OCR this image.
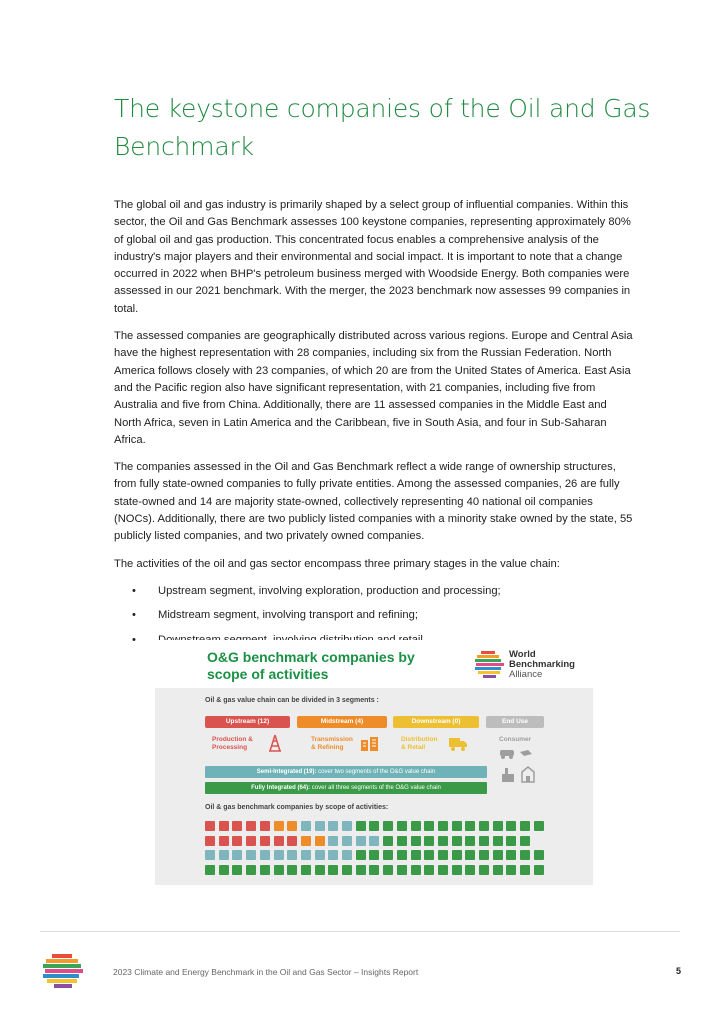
The keystone companies of the Oil and Gas Benchmark

The global oil and gas industry is primarily shaped by a select group of influential companies. Within this sector, the Oil and Gas Benchmark assesses 100 keystone companies, representing approximately 80% of global oil and gas production. This concentrated focus enables a comprehensive analysis of the industry's major players and their environmental and social impact. It is important to note that a change occurred in 2022 when BHP's petroleum business merged with Woodside Energy. Both companies were assessed in our 2021 benchmark. With the merger, the 2023 benchmark now assesses 99 companies in total.

The assessed companies are geographically distributed across various regions. Europe and Central Asia have the highest representation with 28 companies, including six from the Russian Federation. North America follows closely with 23 companies, of which 20 are from the United States of America. East Asia and the Pacific region also have significant representation, with 21 companies, including five from Australia and five from China. Additionally, there are 11 assessed companies in the Middle East and North Africa, seven in Latin America and the Caribbean, five in South Asia, and four in Sub-Saharan Africa.

The companies assessed in the Oil and Gas Benchmark reflect a wide range of ownership structures, from fully state-owned companies to fully private entities. Among the assessed companies, 26 are fully state-owned and 14 are majority state-owned, collectively representing 40 national oil companies (NOCs). Additionally, there are two publicly listed companies with a minority stake owned by the state, 55 publicly listed companies, and two privately owned companies.

The activities of the oil and gas sector encompass three primary stages in the value chain:

• Upstream segment, involving exploration, production and processing;
• Midstream segment, involving transport and refining;
•
O&G benchmark companies by scope of activities
World
Benchmarking
Alliance
Oil & gas value chain can be divided in 3 segments :
Upstream (12)	Midstream (4)	Downstream (0)	End Use
Production &
Processing
Transmission
& Refining
Distribution
& Retail
Consumer
Semi-Integrated (19): cover two segments of the O&G value chain
Fully Integrated (64): cover all three segments of the O&G value chain
Oil & gas benchmark companies by scope of activities:
2023 Climate and Energy Benchmark in the Oil and Gas Sector – Insights Report	5
